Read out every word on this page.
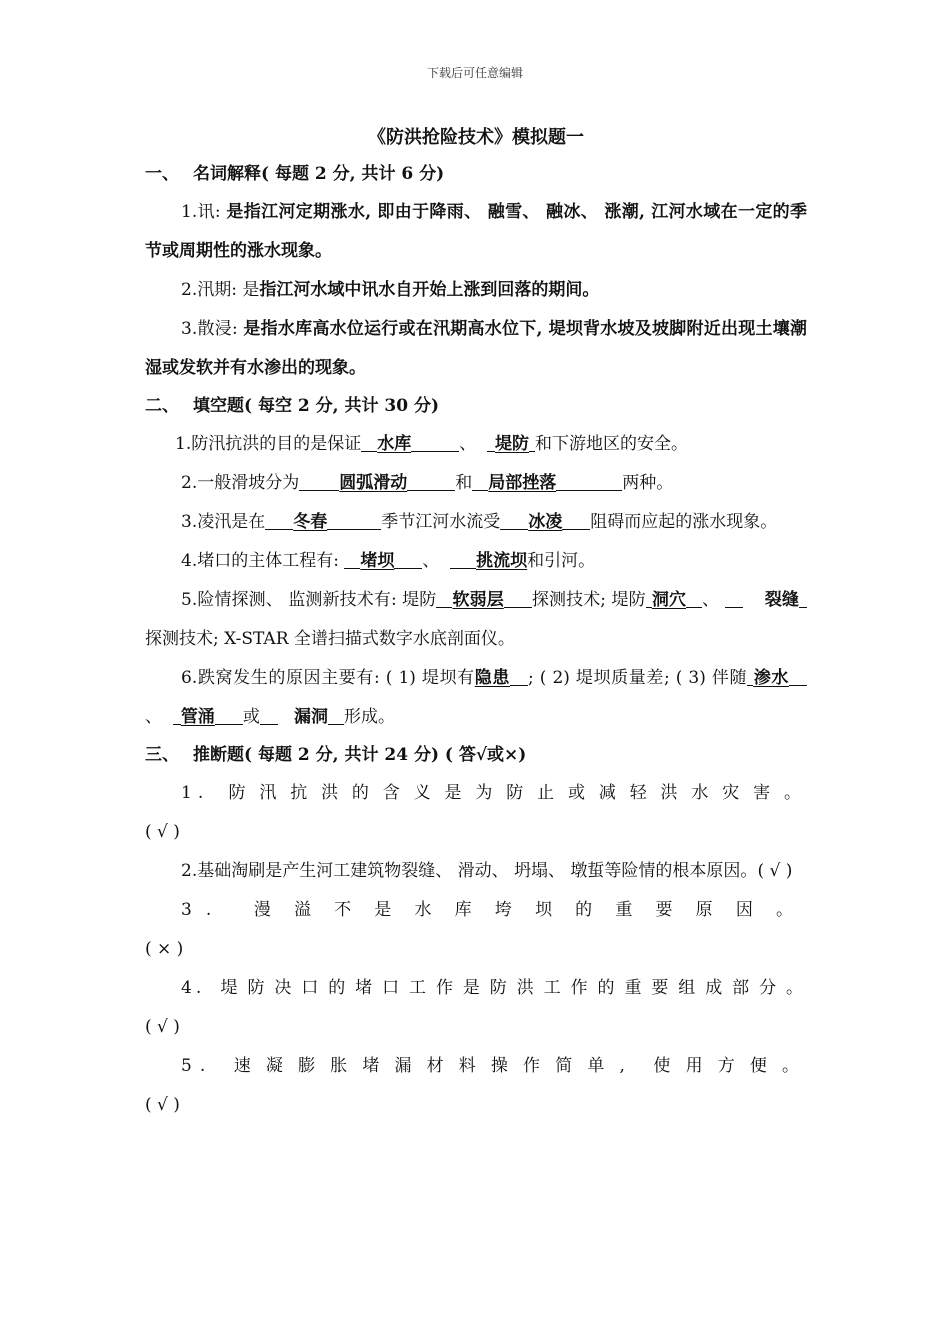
下载后可任意编辑
《防洪抢险技术》模拟题一
一、 名词解释( 每题 2 分, 共计 6 分)

1.讯: 是指江河定期涨水, 即由于降雨、 融雪、 融冰、 涨潮, 江河水域在一定的季节或周期性的涨水现象。

2.汛期: 是指江河水域中讯水自开始上涨到回落的期间。

3.散浸: 是指水库高水位运行或在汛期高水位下, 堤坝背水坡及坡脚附近出现土壤潮湿或发软并有水渗出的现象。

二、 填空题( 每空 2 分, 共计 30 分)

1.防汛抗洪的目的是保证 水库	、 堤防 和下游地区的安全。

2.一般滑坡分为 圆弧滑动	和 局部挫落	两种。

3.凌汛是在 冬春	季节江河水流受 冰凌 阻碍而应起的涨水现象。

4.堵口的主体工程有: 堵坝 、 挑流坝和引河。

5.险情探测、 监测新技术有: 堤防 软弱层 探测技术; 堤防 洞穴 、	裂缝探测技术; X-STAR 全谱扫描式数字水底剖面仪。

6.跌窝发生的原因主要有: ( 1) 堤坝有隐患 ; ( 2) 堤坝质量差; ( 3) 伴随 渗水、 管涌 或 漏洞 形成。

三、 推断题( 每题 2 分, 共计 24 分) ( 答√或×)

1. 防汛抗洪的含义是为防止或减轻洪水灾害。

( √ )

2.基础淘刷是产生河工建筑物裂缝、 滑动、 坍塌、 墩蜇等险情的根本原因。( √ )

3. 漫溢不是水库垮坝的重要原因。

( × )

4. 堤防决口的堵口工作是防洪工作的重要组成部分。

( √ )

5. 速凝膨胀堵漏材料操作简单, 使用方便。

( √ )
